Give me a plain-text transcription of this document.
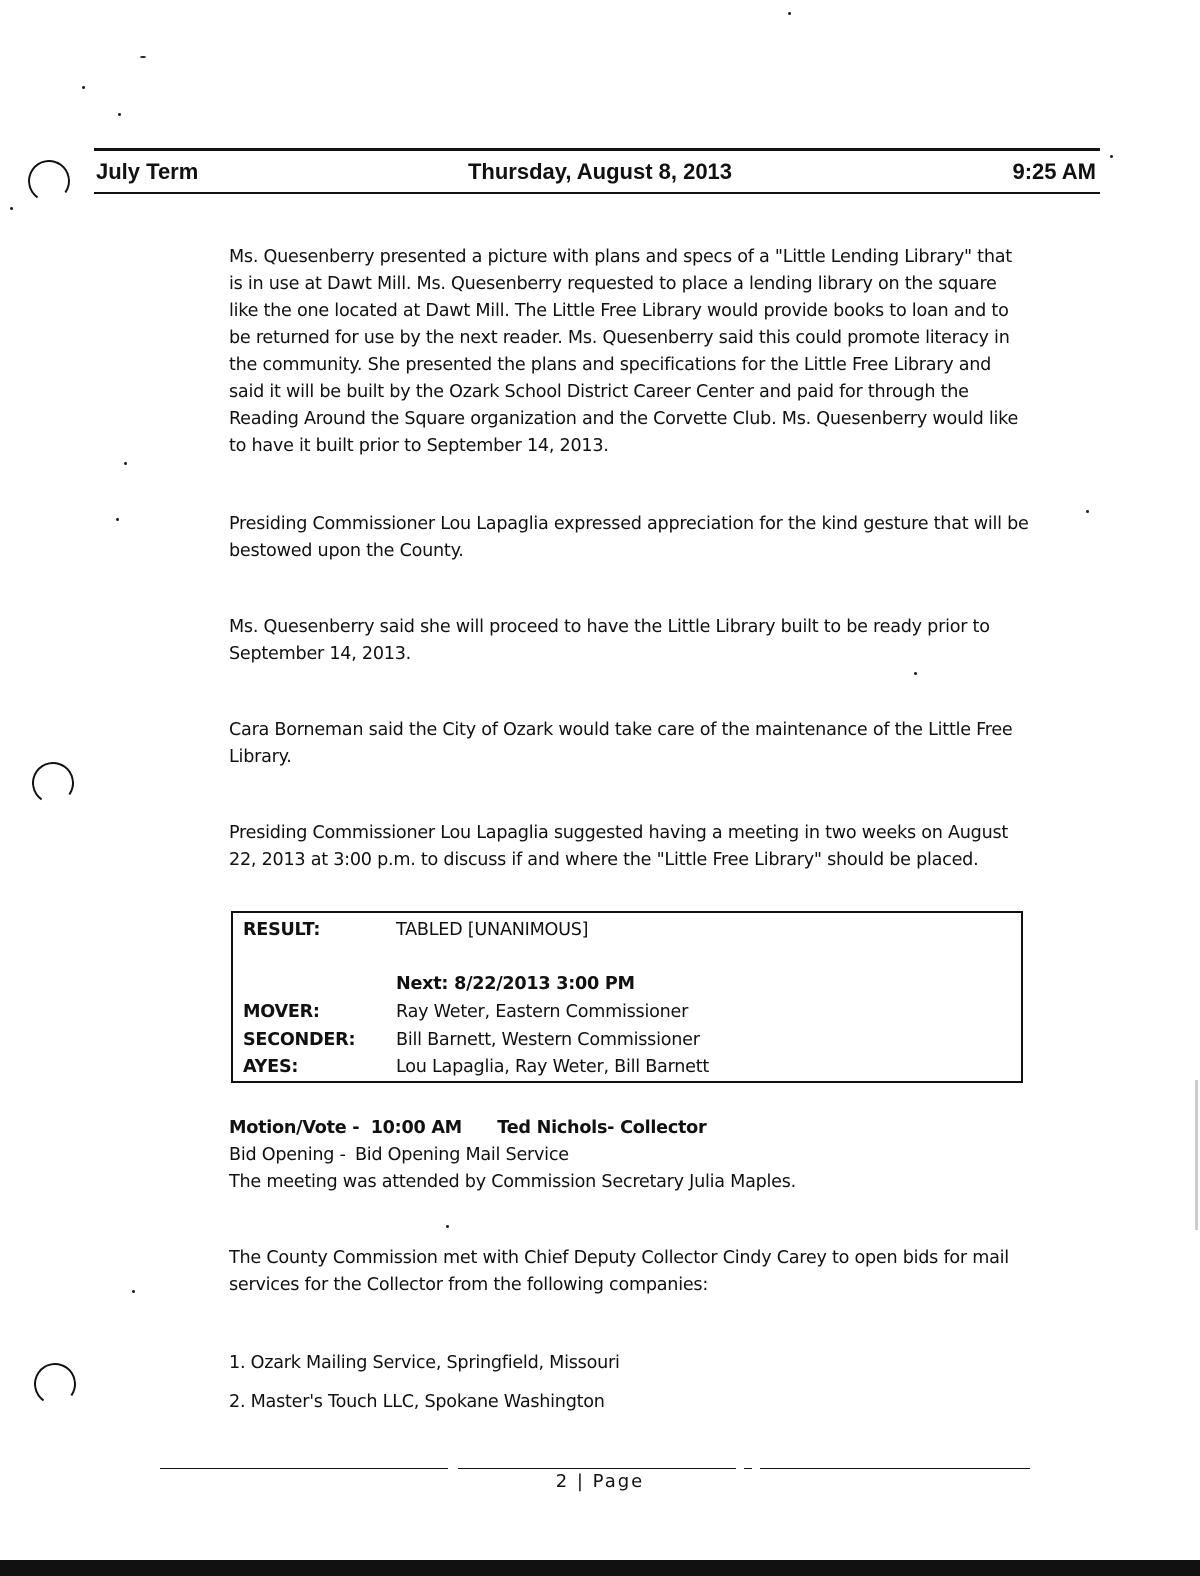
July Term	Thursday, August 8, 2013	9:25 AM
Ms. Quesenberry presented a picture with plans and specs of a "Little Lending Library" that is in use at Dawt Mill. Ms. Quesenberry requested to place a lending library on the square like the one located at Dawt Mill. The Little Free Library would provide books to loan and to be returned for use by the next reader. Ms. Quesenberry said this could promote literacy in the community. She presented the plans and specifications for the Little Free Library and said it will be built by the Ozark School District Career Center and paid for through the Reading Around the Square organization and the Corvette Club. Ms. Quesenberry would like to have it built prior to September 14, 2013.
Presiding Commissioner Lou Lapaglia expressed appreciation for the kind gesture that will be bestowed upon the County.
Ms. Quesenberry said she will proceed to have the Little Library built to be ready prior to September 14, 2013.
Cara Borneman said the City of Ozark would take care of the maintenance of the Little Free Library.
Presiding Commissioner Lou Lapaglia suggested having a meeting in two weeks on August 22, 2013 at 3:00 p.m. to discuss if and where the "Little Free Library" should be placed.
RESULT:	TABLED [UNANIMOUS]
Next: 8/22/2013 3:00 PM
MOVER:	Ray Weter, Eastern Commissioner
SECONDER:	Bill Barnett, Western Commissioner
AYES:	Lou Lapaglia, Ray Weter, Bill Barnett
Motion/Vote - 10:00 AM Ted Nichols- Collector
Bid Opening - Bid Opening Mail Service
The meeting was attended by Commission Secretary Julia Maples.
The County Commission met with Chief Deputy Collector Cindy Carey to open bids for mail services for the Collector from the following companies:
1. Ozark Mailing Service, Springfield, Missouri
2. Master's Touch LLC, Spokane Washington
2 | Page
